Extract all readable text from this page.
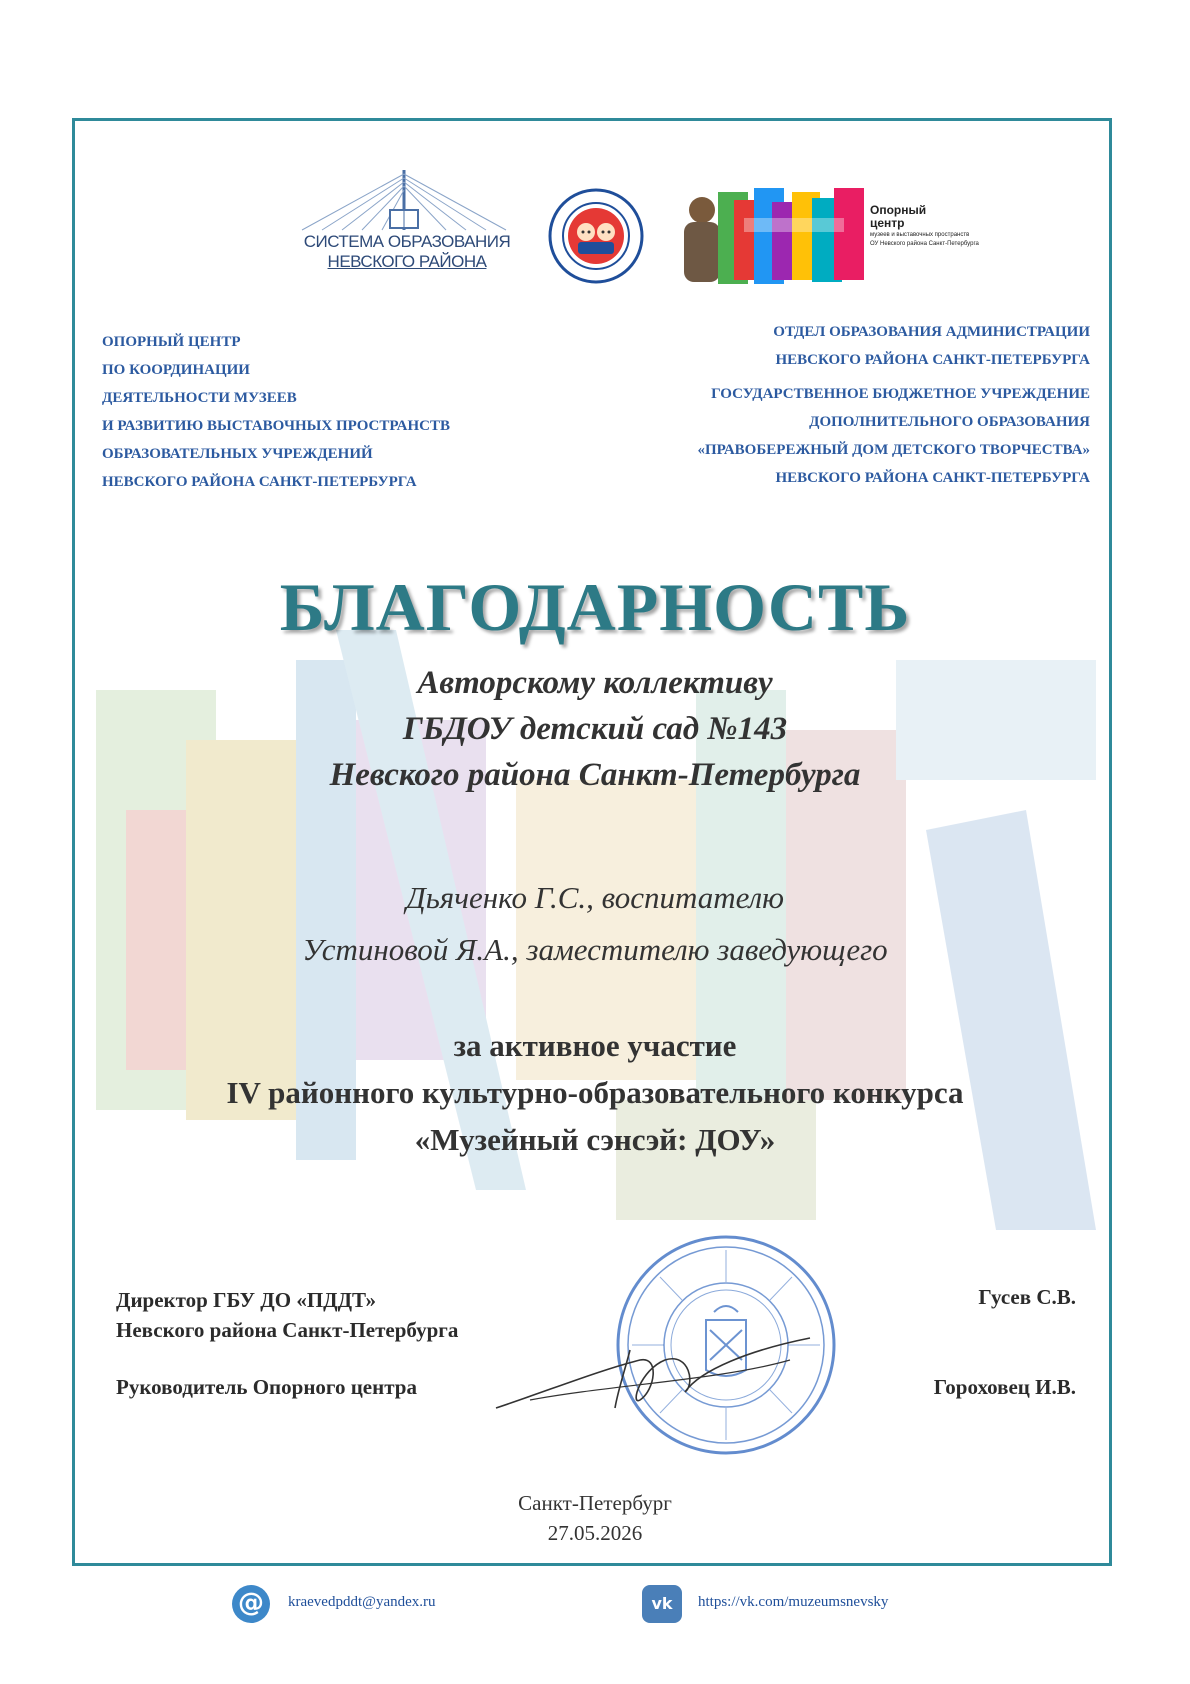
СИСТЕМА ОБРАЗОВАНИЯ
НЕВСКОГО РАЙОНА
Опорный
центр
музеев и выставочных пространств
ОУ Невского района Санкт-Петербурга
ОПОРНЫЙ ЦЕНТР
ПО КООРДИНАЦИИ
ДЕЯТЕЛЬНОСТИ МУЗЕЕВ
И РАЗВИТИЮ ВЫСТАВОЧНЫХ ПРОСТРАНСТВ
ОБРАЗОВАТЕЛЬНЫХ УЧРЕЖДЕНИЙ
НЕВСКОГО РАЙОНА САНКТ-ПЕТЕРБУРГА
ОТДЕЛ ОБРАЗОВАНИЯ АДМИНИСТРАЦИИ
НЕВСКОГО РАЙОНА САНКТ-ПЕТЕРБУРГА
ГОСУДАРСТВЕННОЕ БЮДЖЕТНОЕ УЧРЕЖДЕНИЕ
ДОПОЛНИТЕЛЬНОГО ОБРАЗОВАНИЯ
«ПРАВОБЕРЕЖНЫЙ ДОМ ДЕТСКОГО ТВОРЧЕСТВА»
НЕВСКОГО РАЙОНА САНКТ-ПЕТЕРБУРГА
БЛАГОДАРНОСТЬ
Авторскому коллективу
ГБДОУ детский сад №143
Невского района Санкт-Петербурга
Дьяченко Г.С., воспитателю
Устиновой Я.А., заместителю заведующего
за активное участие
IV районного культурно-образовательного конкурса
«Музейный сэнсэй: ДОУ»
Директор ГБУ ДО «ПДДТ»
Невского района Санкт-Петербурга
Гусев С.В.
Руководитель Опорного центра	Гороховец И.В.
Санкт-Петербург
27.05.2026
@	kraevedpddt@yandex.ru	vk	https://vk.com/muzeumsnevsky
